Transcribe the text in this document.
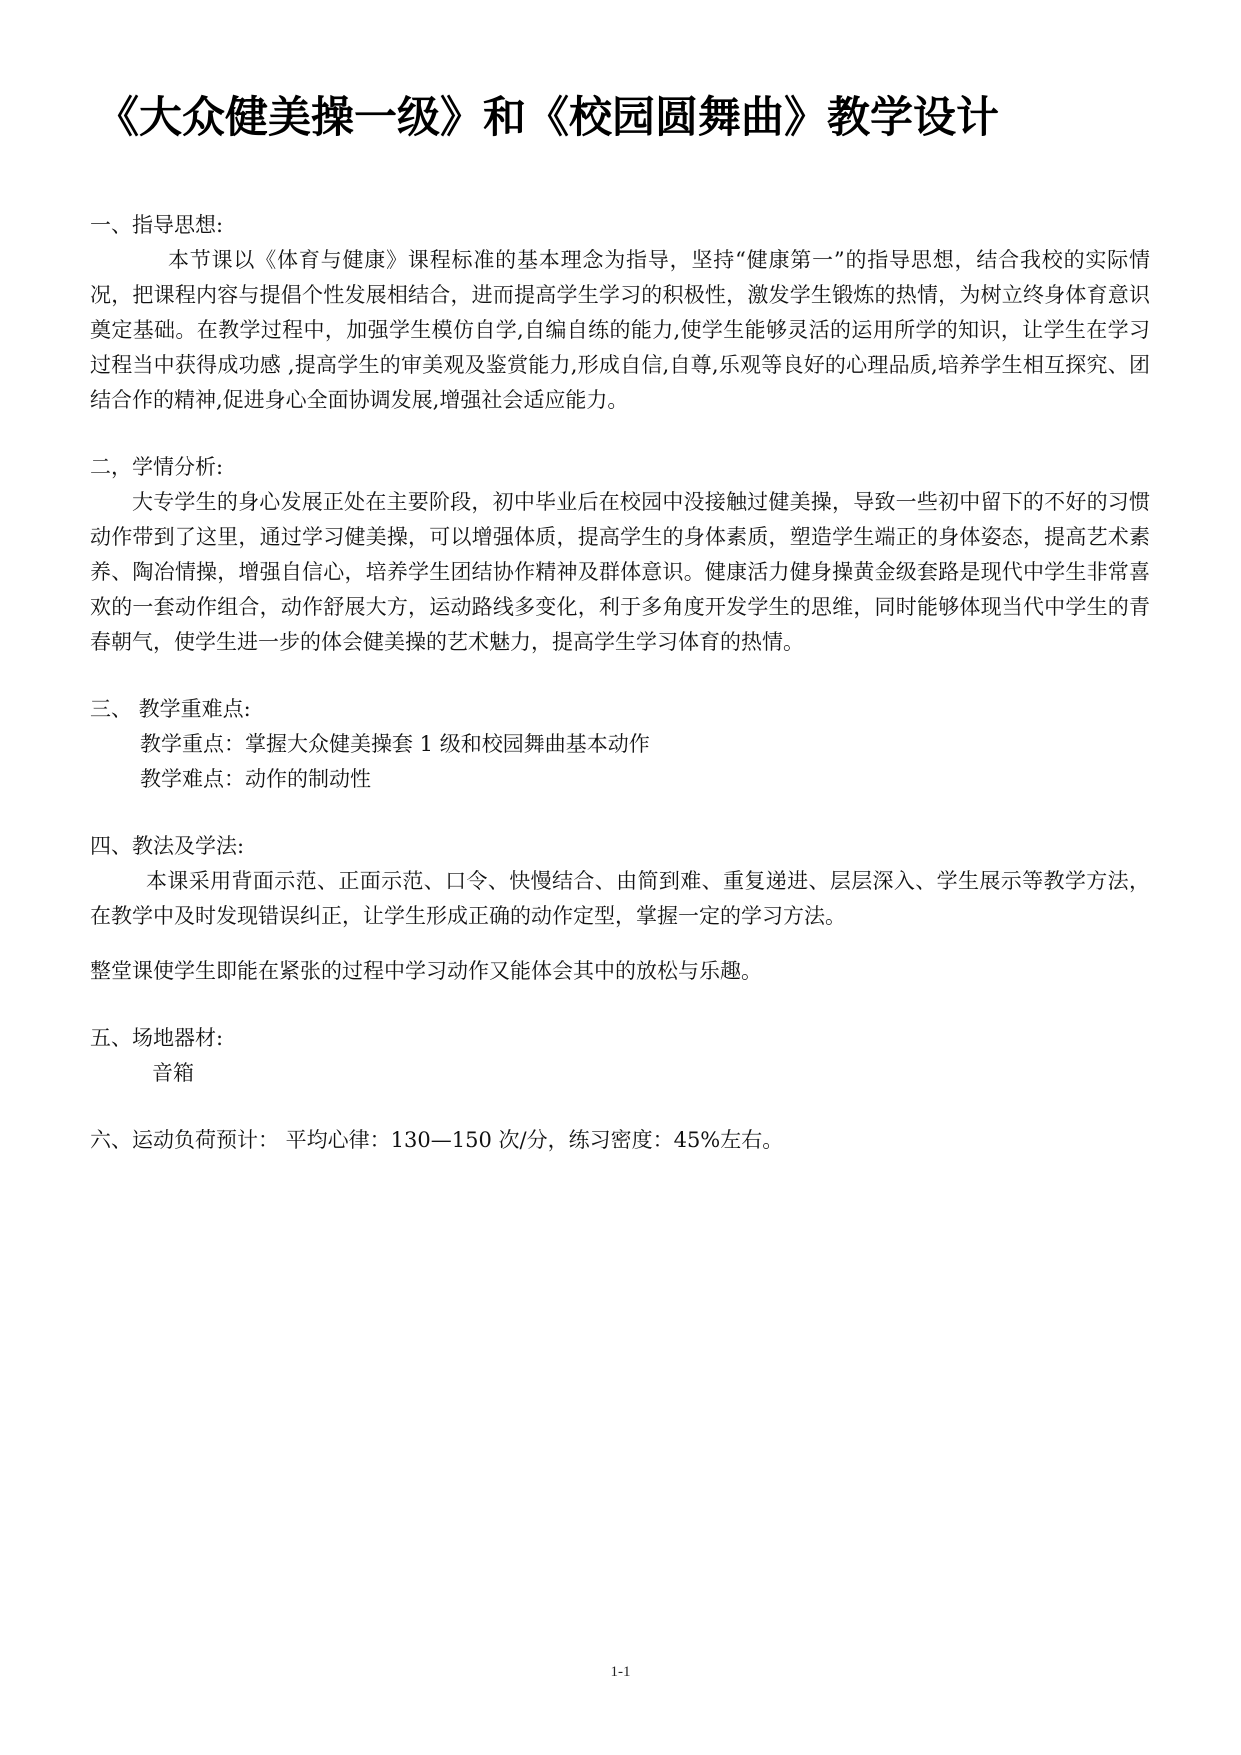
《大众健美操一级》和《校园圆舞曲》教学设计

一、指导思想:

本节课以《体育与健康》课程标准的基本理念为指导，坚持“健康第一”的指导思想，结合我校的实际情况，把课程内容与提倡个性发展相结合，进而提高学生学习的积极性，激发学生锻炼的热情，为树立终身体育意识奠定基础。在教学过程中，加强学生模仿自学,自编自练的能力,使学生能够灵活的运用所学的知识，让学生在学习过程当中获得成功感 ,提高学生的审美观及鉴赏能力,形成自信,自尊,乐观等良好的心理品质,培养学生相互探究、团结合作的精神,促进身心全面协调发展,增强社会适应能力。

二，学情分析:

大专学生的身心发展正处在主要阶段，初中毕业后在校园中没接触过健美操，导致一些初中留下的不好的习惯动作带到了这里，通过学习健美操，可以增强体质，提高学生的身体素质，塑造学生端正的身体姿态，提高艺术素养、陶冶情操，增强自信心，培养学生团结协作精神及群体意识。健康活力健身操黄金级套路是现代中学生非常喜欢的一套动作组合，动作舒展大方，运动路线多变化，利于多角度开发学生的思维，同时能够体现当代中学生的青春朝气，使学生进一步的体会健美操的艺术魅力，提高学生学习体育的热情。

三、 教学重难点:

教学重点：掌握大众健美操套 1 级和校园舞曲基本动作

教学难点：动作的制动性

四、教法及学法:

本课采用背面示范、正面示范、口令、快慢结合、由简到难、重复递进、层层深入、学生展示等教学方法，在教学中及时发现错误纠正，让学生形成正确的动作定型，掌握一定的学习方法。

整堂课使学生即能在紧张的过程中学习动作又能体会其中的放松与乐趣。

五、场地器材:

音箱

六、运动负荷预计： 平均心律：130—150 次/分，练习密度：45%左右。

1-1
